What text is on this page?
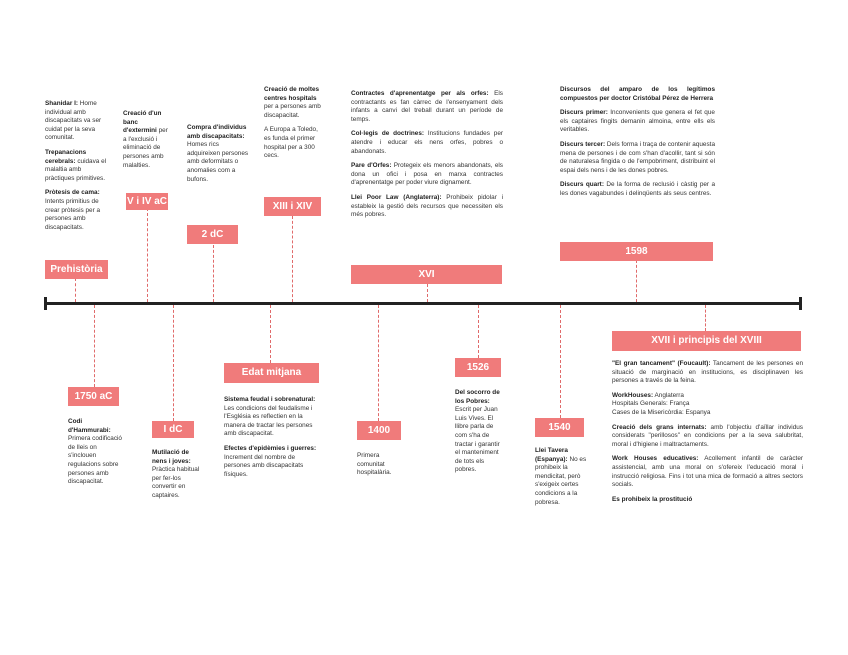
Prehistòria
V i IV aC
2 dC
XIII i XIV
XVI
1598
1750 aC
I dC
Edat mitjana
1400
1526
1540
XVII i principis del XVIII

Shanidar I: Home individual amb discapacitats va ser cuidat per la seva comunitat.

Trepanacions cerebrals: cuidava el malaltia amb pràctiques primitives.

Pròtesis de cama: Intents primitius de crear pròtesis per a persones amb discapacitats.

Creació d'un banc d'extermini per a l'exclusió i eliminació de persones amb malalties.

Compra d'individus amb discapacitats: Homes rics adquireixen persones amb deformitats o anomalies com a bufons.

Creació de moltes centres hospitals per a persones amb discapacitat.

A Europa a Toledo, es funda el primer hospital per a 300 cecs.

Contractes d'aprenentatge per als orfes: Els contractants es fan càrrec de l'ensenyament dels infants a canvi del treball durant un període de temps.

Col·legis de doctrines: Institucions fundades per atendre i educar els nens orfes, pobres o abandonats.

Pare d'Orfes: Protegeix els menors abandonats, els dona un ofici i posa en marxa contractes d'aprenentatge per poder viure dignament.

Llei Poor Law (Anglaterra): Prohibeix pidolar i estableix la gestió dels recursos que necessiten els més pobres.

Discursos del amparo de los legítimos compuestos per doctor Cristóbal Pérez de Herrera

Discurs primer: Inconvenients que genera el fet que els captaires fingits demanin almoina, entre ells els veritables.

Discurs tercer: Dels forma i traça de contenir aquesta mena de persones i de com s'han d'acollir, tant si són de naturalesa fingida o de l'empobriment, distribuint el espai dels nens i de les dones pobres.

Discurs quart: De la forma de reclusió i càstig per a les dones vagabundes i delinqüents als seus centres.

Codi d'Hammurabi: Primera codificació de lleis on s'inclouen regulacions sobre persones amb discapacitat.

Mutilació de nens i joves: Pràctica habitual per fer-los convertir en captaires.

Sistema feudal i sobrenatural: Les condicions del feudalisme i l'Església es reflectien en la manera de tractar les persones amb discapacitat.

Efectes d'epidèmies i guerres: Increment del nombre de persones amb discapacitats físiques.

Primera comunitat hospitalària.

Del socorro de los Pobres: Escrit per Juan Luis Vives. El llibre parla de com s'ha de tractar i garantir el manteniment de tots els pobres.

Llei Tavera (Espanya): No es prohibeix la mendicitat, però s'exigeix certes condicions a la pobresa.

"El gran tancament" (Foucault): Tancament de les persones en situació de marginació en institucions, es disciplinaven les persones a través de la feina.

WorkHouses: Anglaterra
Hospitals Generals: França
Cases de la Misericòrdia: Espanya

Creació dels grans internats: amb l'objectiu d'aïllar individus considerats "perillosos" en condicions per a la seva salubritat, moral i d'higiene i maltractaments.

Work Houses educatives: Acollement infantil de caràcter assistencial, amb una moral on s'ofereix l'educació moral i instrucció religiosa. Fins i tot una mica de formació a altres sectors socials.

Es prohibeix la prostitució
